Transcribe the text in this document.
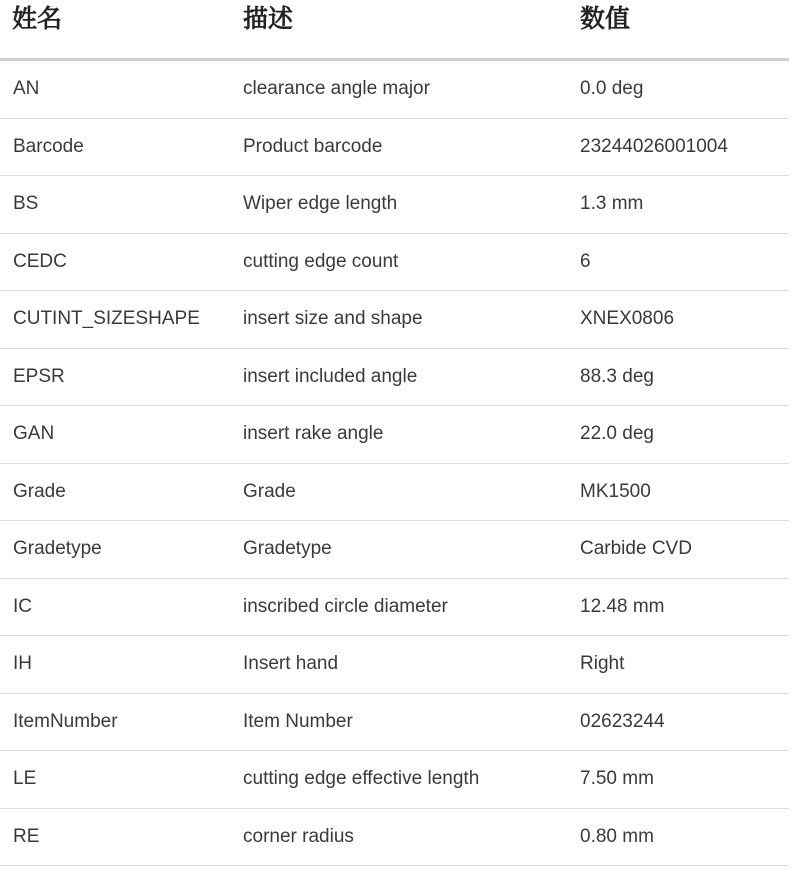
姓名	描述	数值
AN	clearance angle major	0.0 deg
Barcode	Product barcode	23244026001004
BS	Wiper edge length	1.3 mm
CEDC	cutting edge count	6
CUTINT_SIZESHAPE	insert size and shape	XNEX0806
EPSR	insert included angle	88.3 deg
GAN	insert rake angle	22.0 deg
Grade	Grade	MK1500
Gradetype	Gradetype	Carbide CVD
IC	inscribed circle diameter	12.48 mm
IH	Insert hand	Right
ItemNumber	Item Number	02623244
LE	cutting edge effective length	7.50 mm
RE	corner radius	0.80 mm
